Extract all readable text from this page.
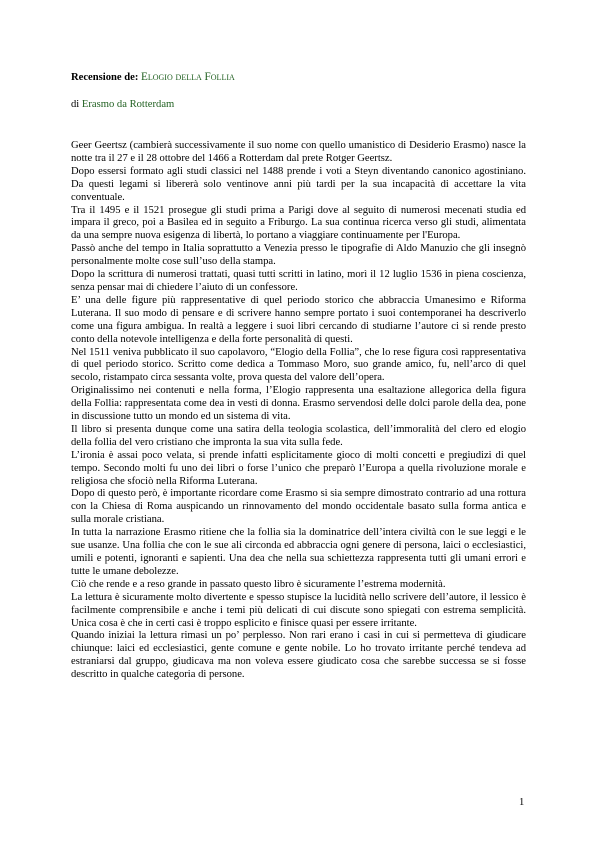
Recensione de: Elogio della Follia

di Erasmo da Rotterdam

Geer Geertsz (cambierà successivamente il suo nome con quello umanistico di Desiderio Erasmo) nasce la notte tra il 27 e il 28 ottobre del 1466 a Rotterdam dal prete Rotger Geertsz.

Dopo essersi formato agli studi classici nel 1488 prende i voti a Steyn diventando canonico agostiniano. Da questi legami si libererà solo ventinove anni più tardi per la sua incapacità di accettare la vita conventuale.

Tra il 1495 e il 1521 prosegue gli studi prima a Parigi dove al seguito di numerosi mecenati studia ed impara il greco, poi a Basilea ed in seguito a Friburgo. La sua continua ricerca verso gli studi, alimentata da una sempre nuova esigenza di libertà, lo portano a viaggiare continuamente per l'Europa.

Passò anche del tempo in Italia soprattutto a Venezia presso le tipografie di Aldo Manuzio che gli insegnò personalmente molte cose sull’uso della stampa.

Dopo la scrittura di numerosi trattati, quasi tutti scritti in latino, morì il 12 luglio 1536 in piena coscienza, senza pensar mai di chiedere l’aiuto di un confessore.

E’ una delle figure più rappresentative di quel periodo storico che abbraccia Umanesimo e Riforma Luterana. Il suo modo di pensare e di scrivere hanno sempre portato i suoi contemporanei ha descriverlo come una figura ambigua. In realtà a leggere i suoi libri cercando di studiarne l’autore ci si rende presto conto della notevole intelligenza e della forte personalità di questi.

Nel 1511 veniva pubblicato il suo capolavoro, “Elogio della Follia”, che lo rese figura così rappresentativa di quel periodo storico. Scritto come dedica a Tommaso Moro, suo grande amico, fu, nell’arco di quel secolo, ristampato circa sessanta volte, prova questa del valore dell’opera.

Originalissimo nei contenuti e nella forma, l’Elogio rappresenta una esaltazione allegorica della figura della Follia: rappresentata come dea in vesti di donna. Erasmo servendosi delle dolci parole della dea, pone in discussione tutto un mondo ed un sistema di vita.

Il libro si presenta dunque come una satira della teologia scolastica, dell’immoralità del clero ed elogio della follia del vero cristiano che impronta la sua vita sulla fede.

L’ironia è assai poco velata, si prende infatti esplicitamente gioco di molti concetti e pregiudizi di quel tempo. Secondo molti fu uno dei libri o forse l’unico che preparò l’Europa a quella rivoluzione morale e religiosa che sfociò nella Riforma Luterana.

Dopo di questo però, è importante ricordare come Erasmo si sia sempre dimostrato contrario ad una rottura con la Chiesa di Roma auspicando un rinnovamento del mondo occidentale basato sulla forma antica e sulla morale cristiana.

In tutta la narrazione Erasmo ritiene che la follia sia la dominatrice dell’intera civiltà con le sue leggi e le sue usanze. Una follia che con le sue ali circonda ed abbraccia ogni genere di persona, laici o ecclesiastici, umili e potenti, ignoranti e sapienti. Una dea che nella sua schiettezza rappresenta tutti gli umani errori e tutte le umane debolezze.

Ciò che rende e a reso grande in passato questo libro è sicuramente l’estrema modernità.

La lettura è sicuramente molto divertente e spesso stupisce la lucidità nello scrivere dell’autore, il lessico è facilmente comprensibile e anche i temi più delicati di cui discute sono spiegati con estrema semplicità. Unica cosa è che in certi casi è troppo esplicito e finisce quasi per essere irritante.

Quando iniziai la lettura rimasi un po’ perplesso. Non rari erano i casi in cui si permetteva di giudicare chiunque: laici ed ecclesiastici, gente comune e gente nobile. Lo ho trovato irritante perché tendeva ad estraniarsi dal gruppo, giudicava ma non voleva essere giudicato cosa che sarebbe successa se si fosse descritto in qualche categoria di persone.

1
